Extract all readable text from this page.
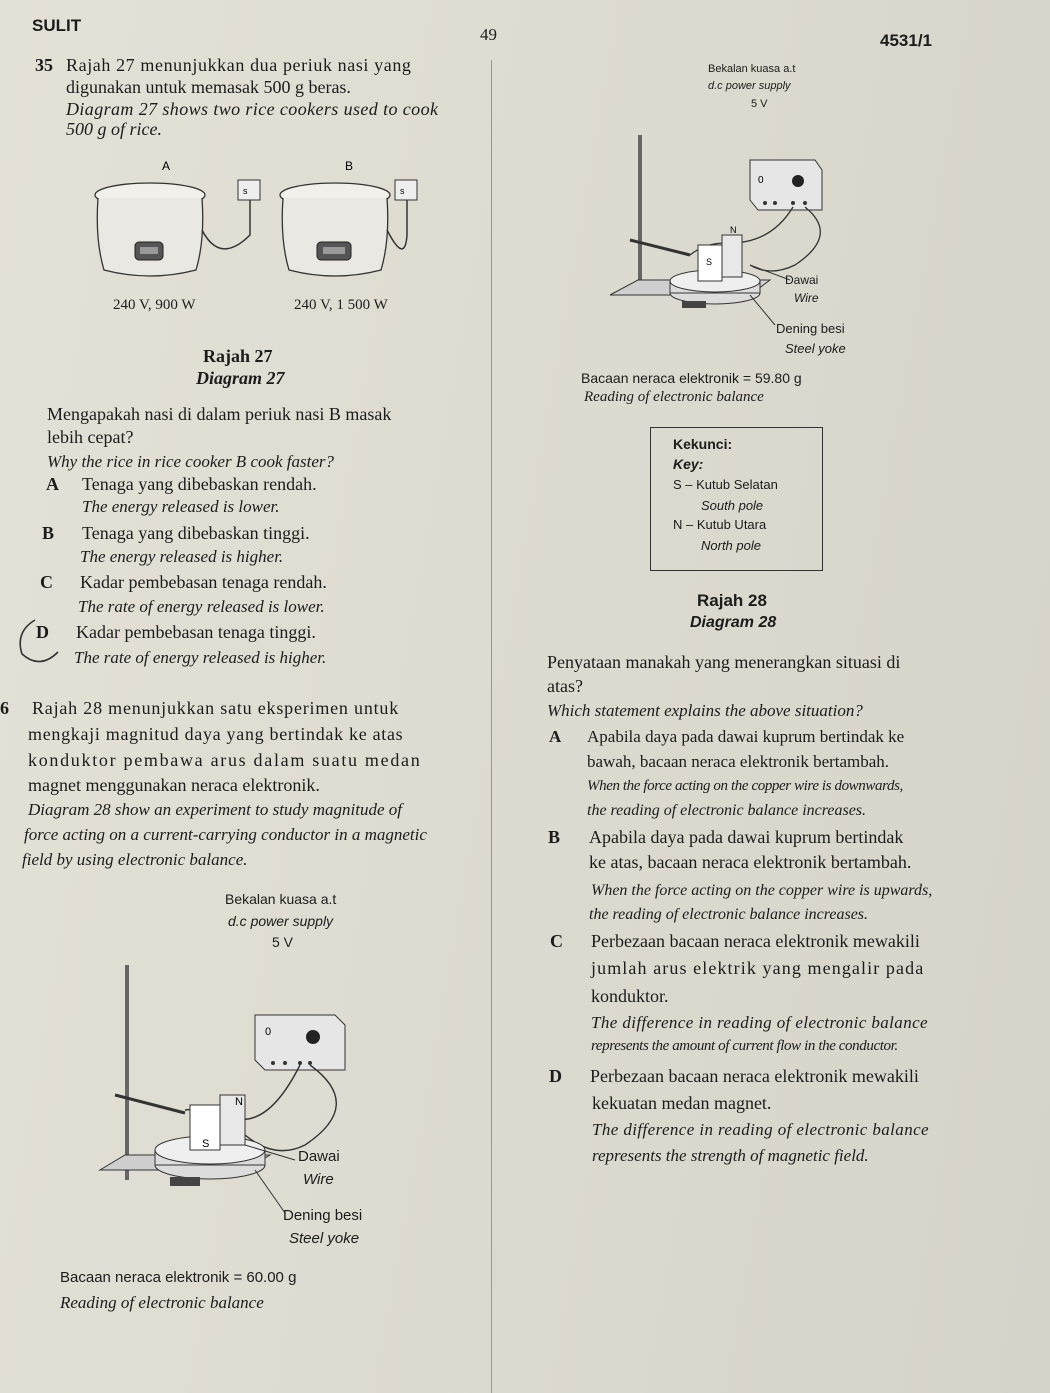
SULIT	49	4531/1
35 Rajah 27 menunjukkan dua periuk nasi yang
digunakan untuk memasak 500 g beras.
Diagram 27 shows two rice cookers used to cook
500 g of rice.
A	B
s	s
240 V, 900 W	240 V, 1 500 W
Rajah 27
Diagram 27
Mengapakah nasi di dalam periuk nasi B masak
lebih cepat?
Why the rice in rice cooker B cook faster?
A Tenaga yang dibebaskan rendah.
The energy released is lower.
B Tenaga yang dibebaskan tinggi.
The energy released is higher.
C Kadar pembebasan tenaga rendah.
The rate of energy released is lower.
D Kadar pembebasan tenaga tinggi.
The rate of energy released is higher.
6 Rajah 28 menunjukkan satu eksperimen untuk
mengkaji magnitud daya yang bertindak ke atas
konduktor pembawa arus dalam suatu medan
magnet menggunakan neraca elektronik.
Diagram 28 show an experiment to study magnitude of
force acting on a current-carrying conductor in a magnetic
field by using electronic balance.
Bekalan kuasa a.t
d.c power supply
5 V
0
S
N
Dawai
Wire
Dening besi
Steel yoke
Bacaan neraca elektronik = 60.00 g
Reading of electronic balance
Bekalan kuasa a.t
d.c power supply
5 V
0
S
N
Dawai
Wire
Dening besi
Steel yoke
Bacaan neraca elektronik = 59.80 g
Reading of electronic balance
Kekunci:
Key:
S – Kutub Selatan
South pole
N – Kutub Utara
North pole
Rajah 28
Diagram 28
Penyataan manakah yang menerangkan situasi di
atas?
Which statement explains the above situation?
A Apabila daya pada dawai kuprum bertindak ke
bawah, bacaan neraca elektronik bertambah.
When the force acting on the copper wire is downwards,
the reading of electronic balance increases.
B Apabila daya pada dawai kuprum bertindak
ke atas, bacaan neraca elektronik bertambah.
When the force acting on the copper wire is upwards,
the reading of electronic balance increases.
C Perbezaan bacaan neraca elektronik mewakili
jumlah arus elektrik yang mengalir pada
konduktor.
The difference in reading of electronic balance
represents the amount of current flow in the conductor.
D Perbezaan bacaan neraca elektronik mewakili
kekuatan medan magnet.
The difference in reading of electronic balance
represents the strength of magnetic field.
